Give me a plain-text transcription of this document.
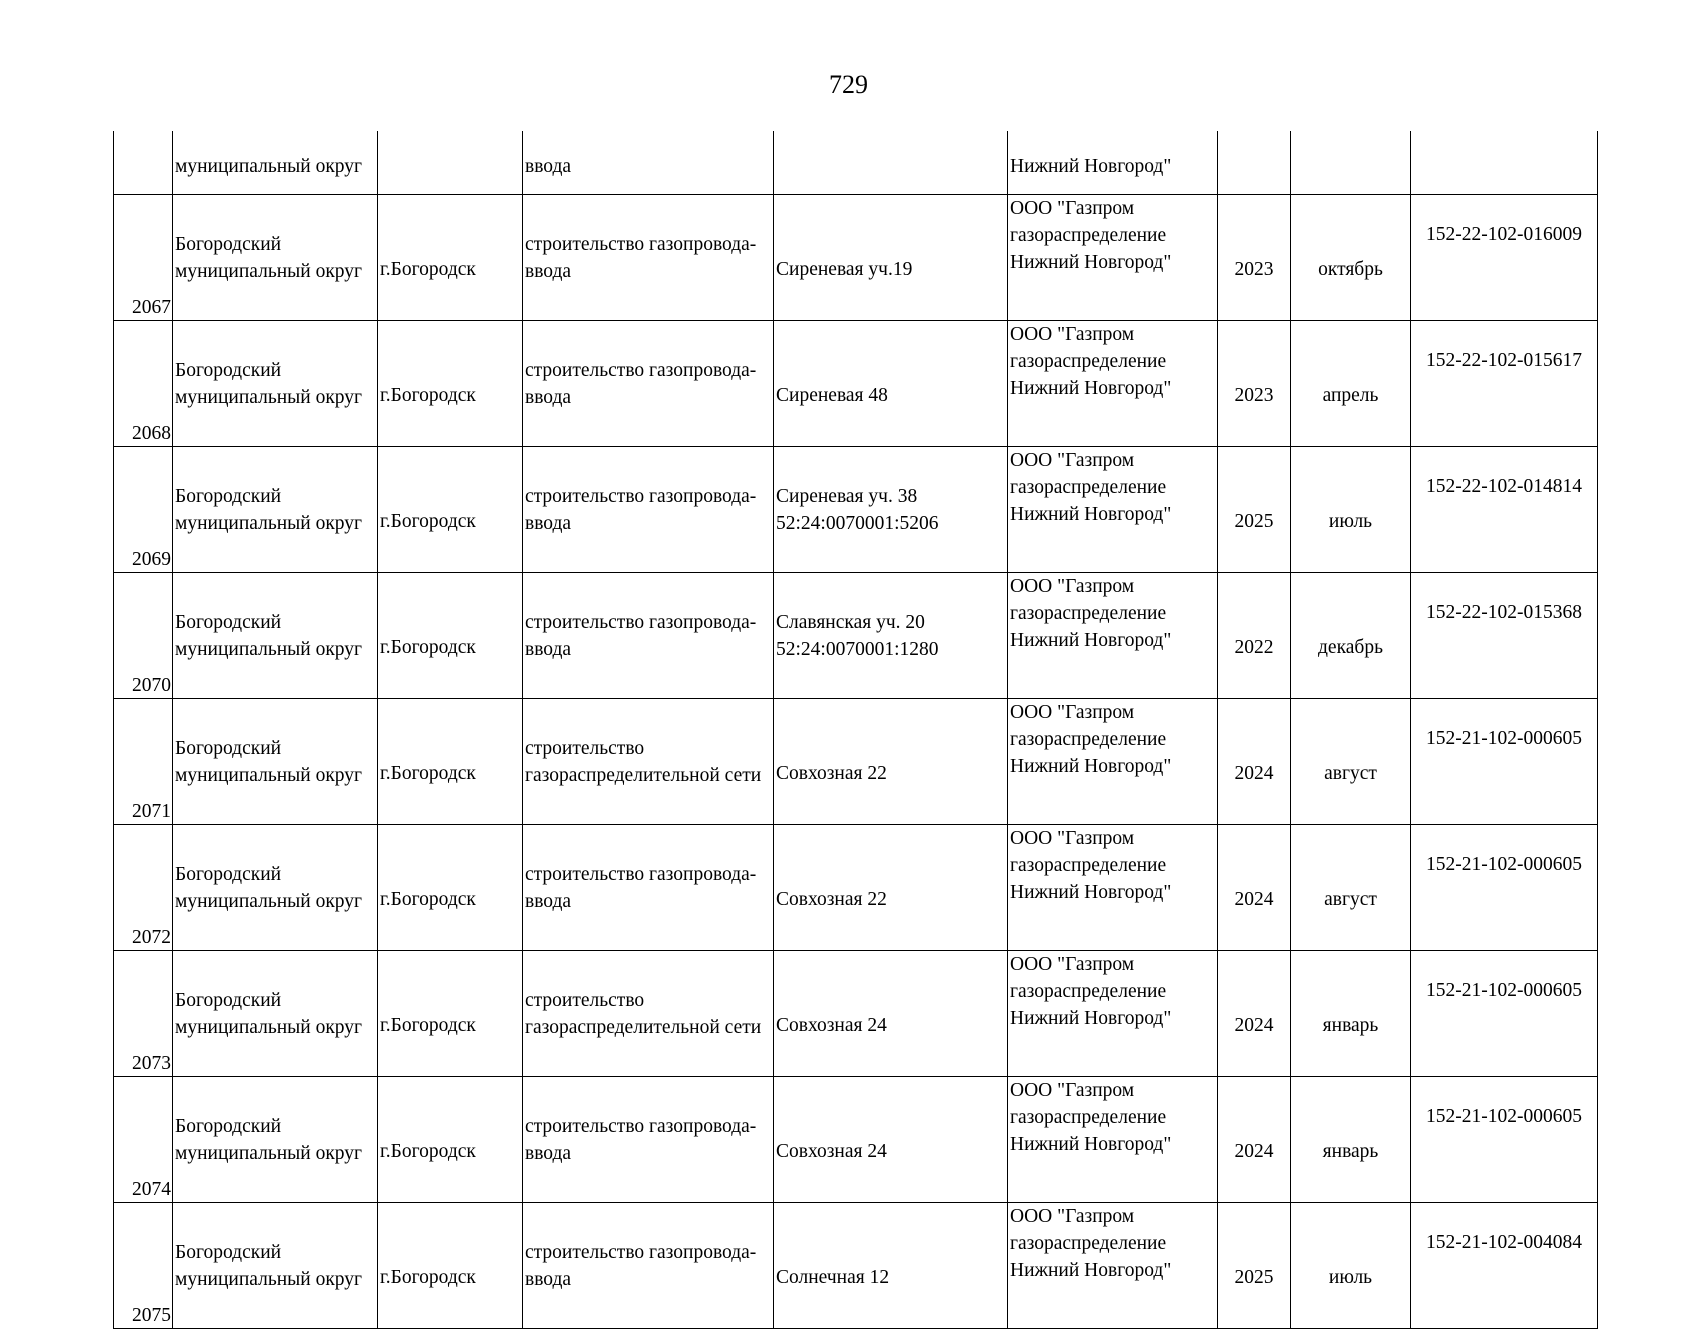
729
	муниципальный округ		ввода		Нижний Новгород"			
2067	Богородский
муниципальный округ	г.Богородск	строительство газопровода-
ввода	Сиреневая уч.19	ООО "Газпром
газораспределение
Нижний Новгород"	2023	октябрь	152-22-102-016009
2068	Богородский
муниципальный округ	г.Богородск	строительство газопровода-
ввода	Сиреневая 48	ООО "Газпром
газораспределение
Нижний Новгород"	2023	апрель	152-22-102-015617
2069	Богородский
муниципальный округ	г.Богородск	строительство газопровода-
ввода	Сиреневая уч. 38
52:24:0070001:5206	ООО "Газпром
газораспределение
Нижний Новгород"	2025	июль	152-22-102-014814
2070	Богородский
муниципальный округ	г.Богородск	строительство газопровода-
ввода	Славянская уч. 20
52:24:0070001:1280	ООО "Газпром
газораспределение
Нижний Новгород"	2022	декабрь	152-22-102-015368
2071	Богородский
муниципальный округ	г.Богородск	строительство
газораспределительной сети	Совхозная 22	ООО "Газпром
газораспределение
Нижний Новгород"	2024	август	152-21-102-000605
2072	Богородский
муниципальный округ	г.Богородск	строительство газопровода-
ввода	Совхозная 22	ООО "Газпром
газораспределение
Нижний Новгород"	2024	август	152-21-102-000605
2073	Богородский
муниципальный округ	г.Богородск	строительство
газораспределительной сети	Совхозная 24	ООО "Газпром
газораспределение
Нижний Новгород"	2024	январь	152-21-102-000605
2074	Богородский
муниципальный округ	г.Богородск	строительство газопровода-
ввода	Совхозная 24	ООО "Газпром
газораспределение
Нижний Новгород"	2024	январь	152-21-102-000605
2075	Богородский
муниципальный округ	г.Богородск	строительство газопровода-
ввода	Солнечная 12	ООО "Газпром
газораспределение
Нижний Новгород"	2025	июль	152-21-102-004084
